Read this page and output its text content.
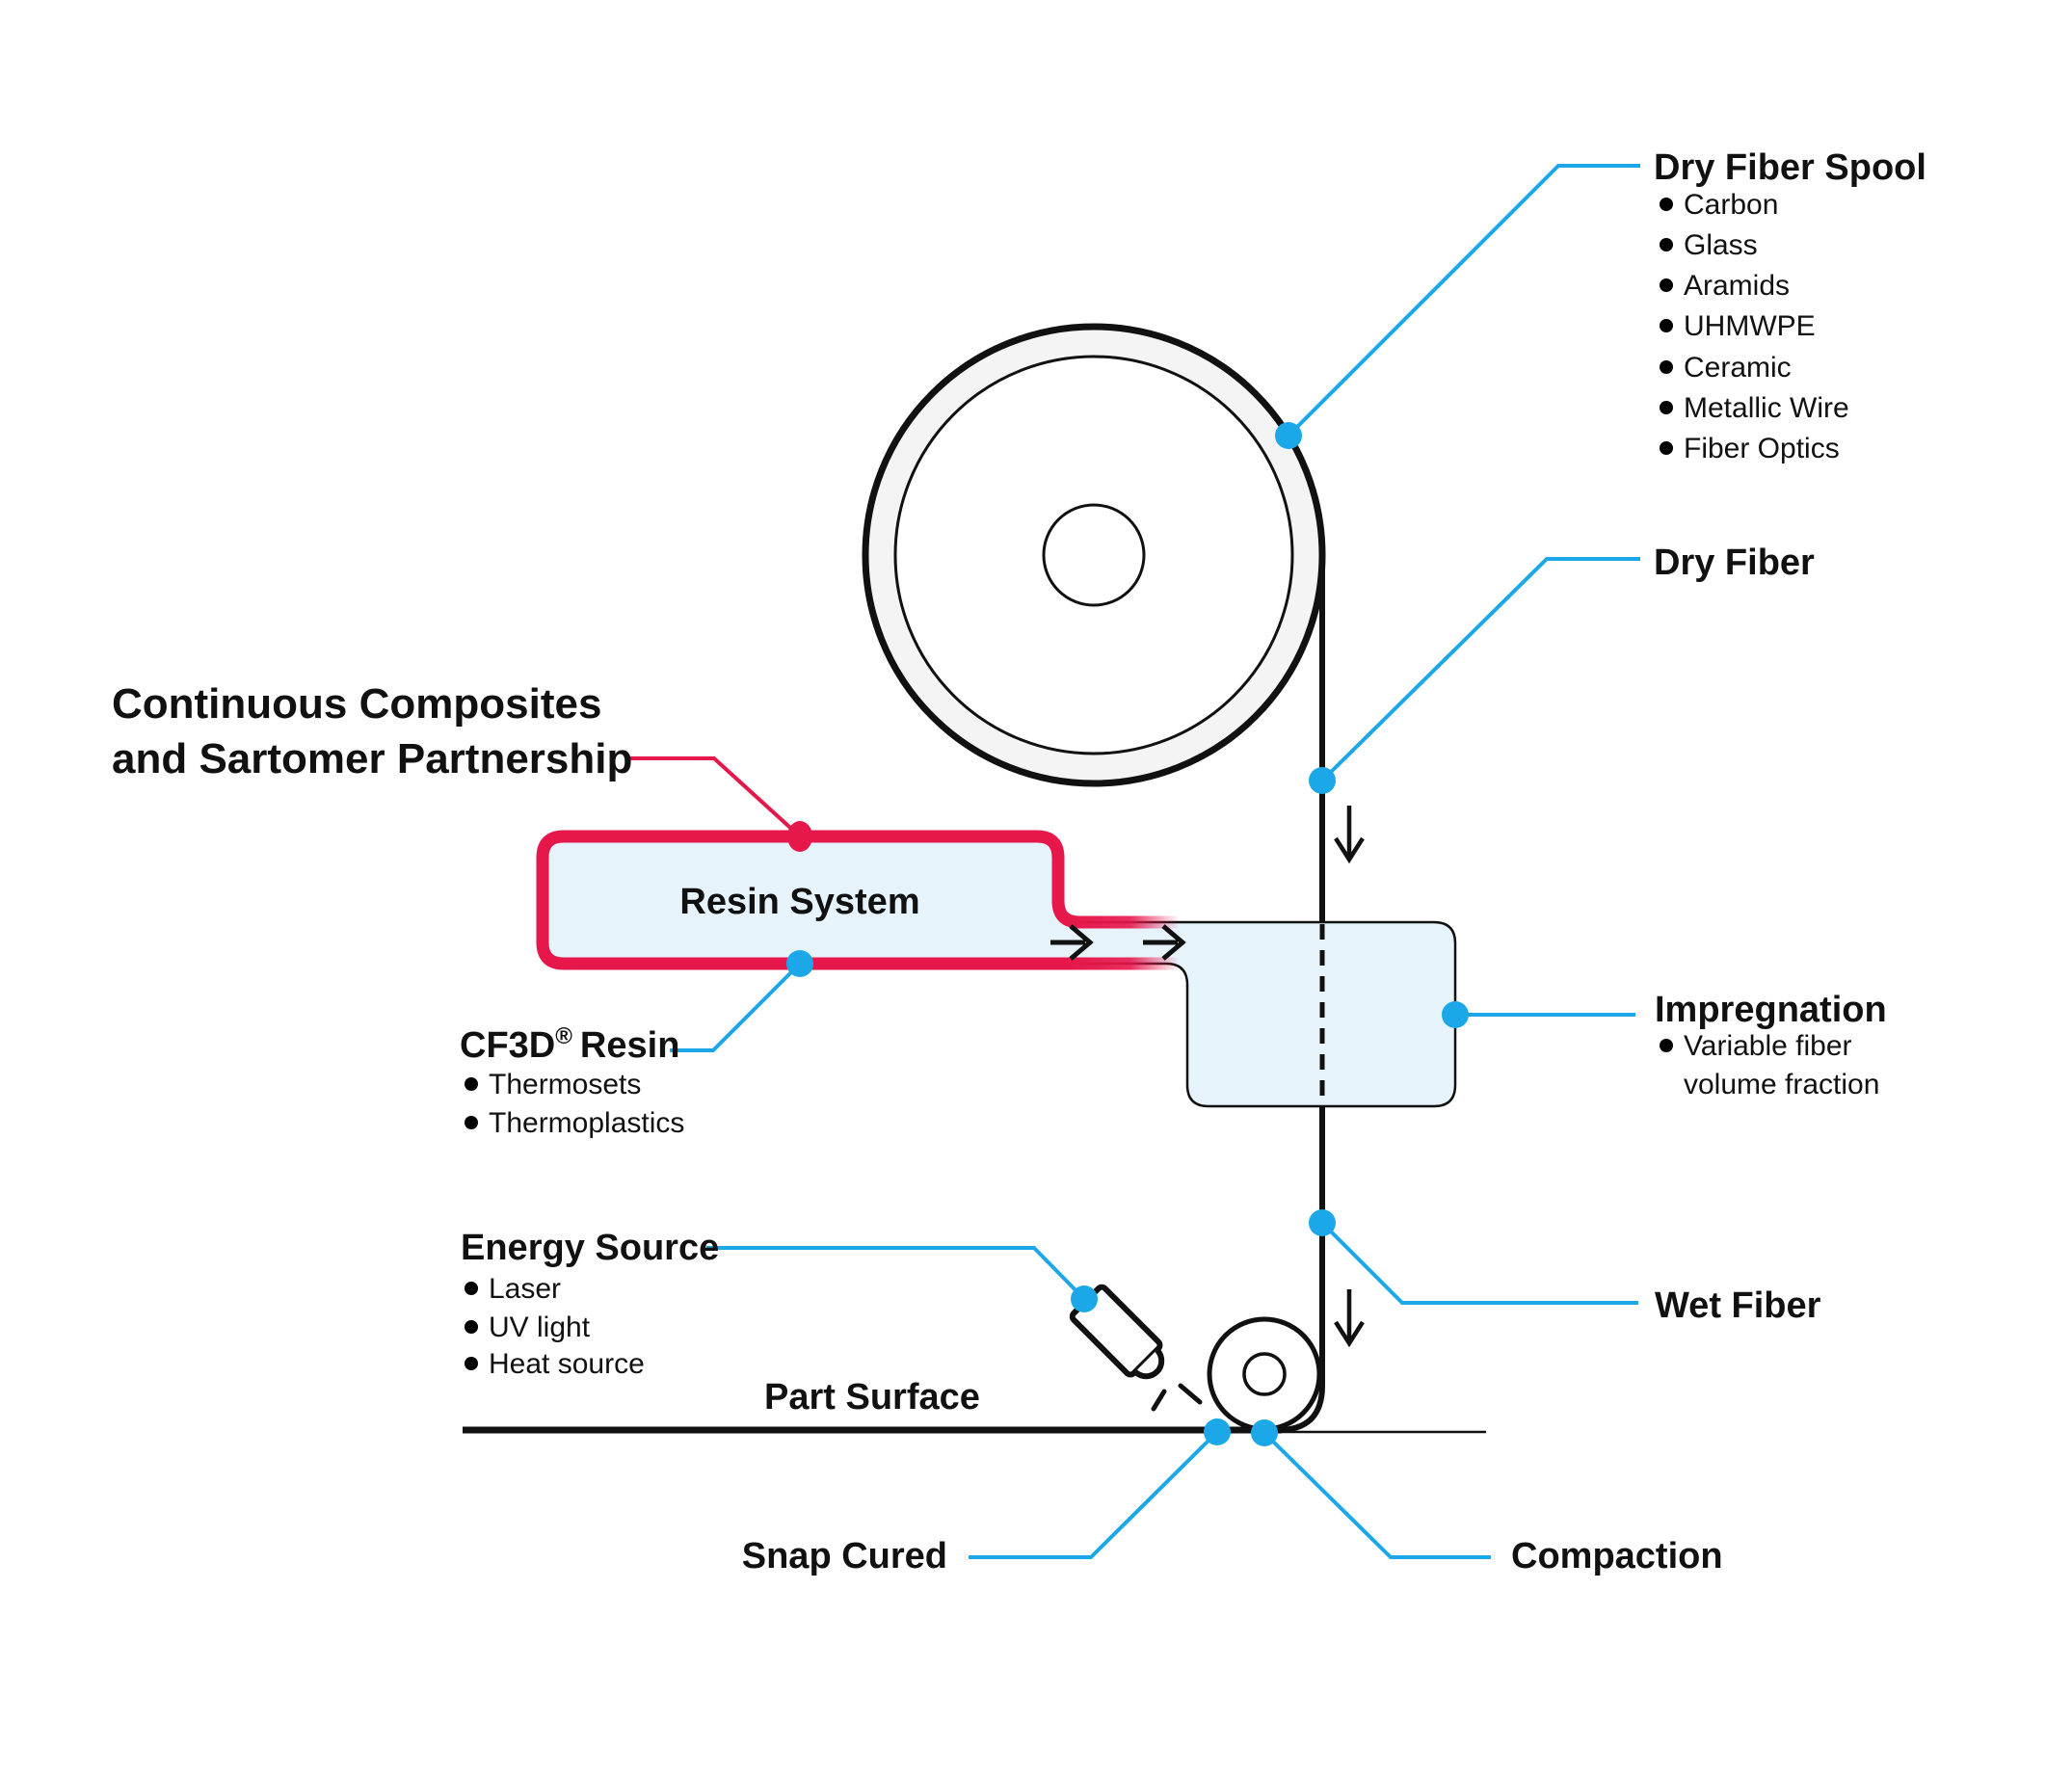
Continuous Composites
and Sartomer Partnership
Dry Fiber Spool
Carbon
Glass
Aramids
UHMWPE
Ceramic
Metallic Wire
Fiber Optics
Dry Fiber
Resin System
CF3D® Resin
Thermosets
Thermoplastics
Impregnation
Variable fiber
volume fraction
Energy Source
Laser
UV light
Heat source
Part Surface
Wet Fiber
Snap Cured	Compaction
